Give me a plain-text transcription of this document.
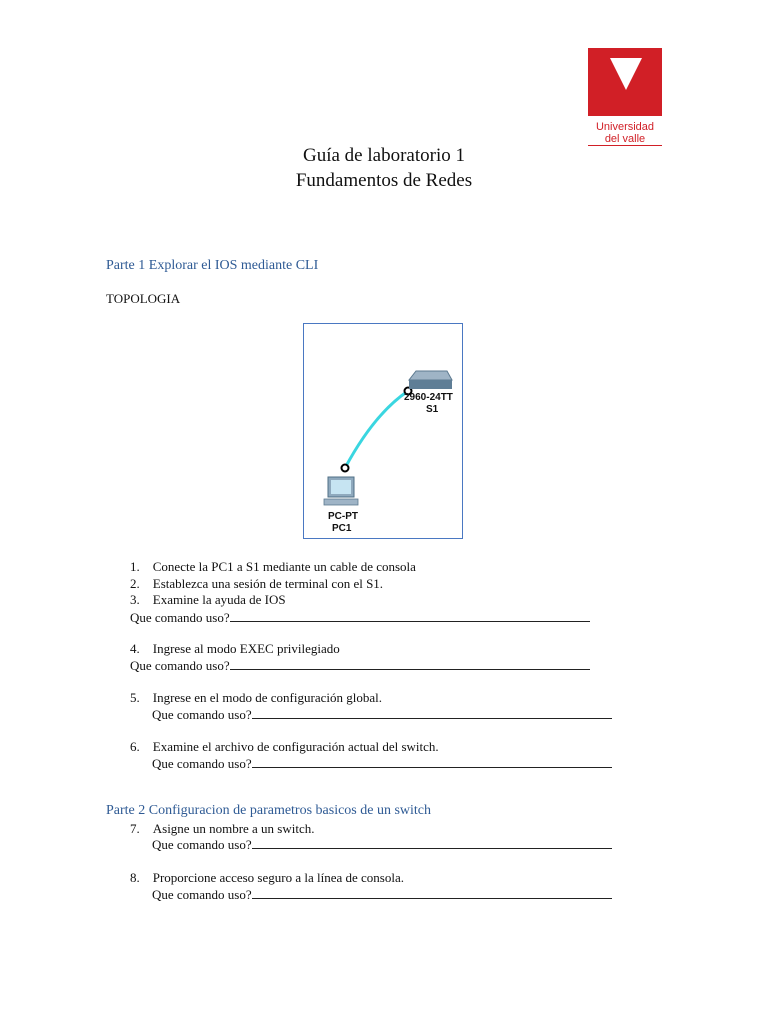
Universidad
del valle
Guía de laboratorio 1
Fundamentos de Redes
Parte 1 Explorar el IOS mediante CLI
TOPOLOGIA
2960-24TT
S1
PC-PT
PC1
1. Conecte la PC1 a S1 mediante un cable de consola
2. Establezca una sesión de terminal con el S1.
3. Examine la ayuda de IOS
Que comando uso?
4. Ingrese al modo EXEC privilegiado
Que comando uso?
5. Ingrese en el modo de configuración global.
Que comando uso?
6. Examine el archivo de configuración actual del switch.
Que comando uso?
Parte 2 Configuracion de parametros basicos de un switch
7. Asigne un nombre a un switch.
Que comando uso?
8. Proporcione acceso seguro a la línea de consola.
Que comando uso?
